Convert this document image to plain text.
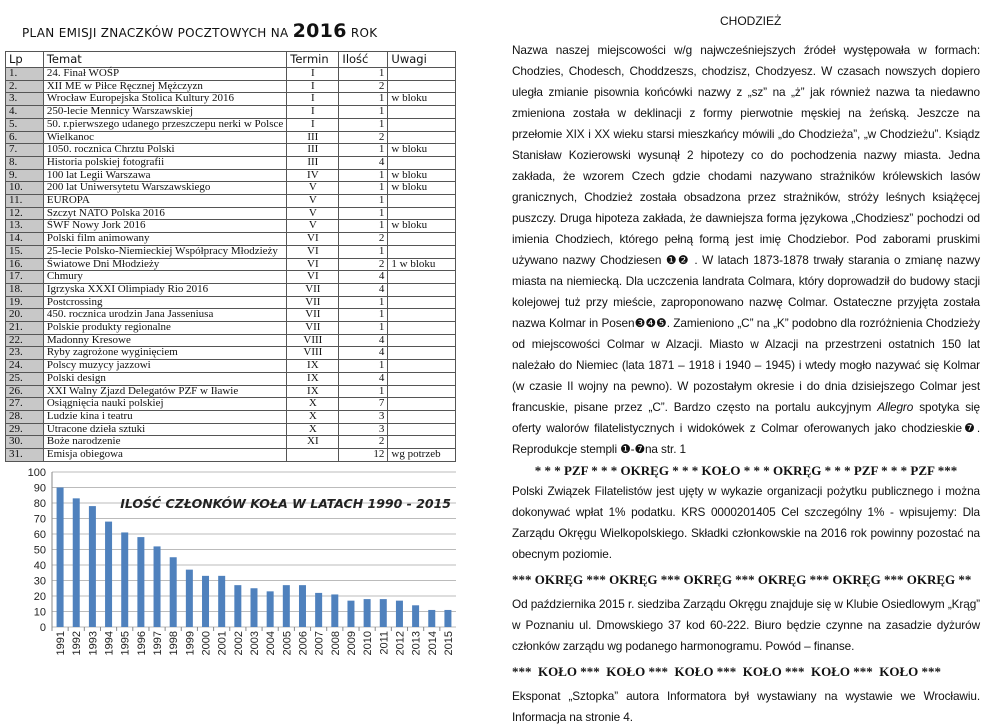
PLAN EMISJI ZNACZKÓW POCZTOWYCH NA 2016 ROK
Lp	Temat	Termin	Ilość	Uwagi
1.	24. Finał WOŚP	I	1	
2.	XII ME w Piłce Ręcznej Mężczyzn	I	2	
3.	Wrocław Europejska Stolica Kultury 2016	I	1	w bloku
4.	250-lecie Mennicy Warszawskiej	I	1	
5.	50. r.pierwszego udanego przeszczepu nerki w Polsce	I	1	
6.	Wielkanoc	III	2	
7.	1050. rocznica Chrztu Polski	III	1	w bloku
8.	Historia polskiej fotografii	III	4	
9.	100 lat Legii Warszawa	IV	1	w bloku
10.	200 lat Uniwersytetu Warszawskiego	V	1	w bloku
11.	EUROPA	V	1	
12.	Szczyt NATO Polska 2016	V	1	
13.	ŚWF Nowy Jork 2016	V	1	w bloku
14.	Polski film animowany	VI	2	
15.	25-lecie Polsko-Niemieckiej Współpracy Młodzieży	VI	1	
16.	Światowe Dni Młodzieży	VI	2	1 w bloku
17.	Chmury	VI	4	
18.	Igrzyska XXXI Olimpiady Rio 2016	VII	4	
19.	Postcrossing	VII	1	
20.	450. rocznica urodzin Jana Jasseniusa	VII	1	
21.	Polskie produkty regionalne	VII	1	
22.	Madonny Kresowe	VIII	4	
23.	Ryby zagrożone wyginięciem	VIII	4	
24.	Polscy muzycy jazzowi	IX	1	
25.	Polski design	IX	4	
26.	XXI Walny Zjazd Delegatów PZF w Iławie	IX	1	
27.	Osiągnięcia nauki polskiej	X	7	
28.	Ludzie kina i teatru	X	3	
29.	Utracone dzieła sztuki	X	3	
30.	Boże narodzenie	XI	2	
31.	Emisja obiegowa		12	wg potrzeb
0
10
20
30
40
50
60
70
80
90
100
1991 1992 1993 1994 1995 1996 1997 1998 1999 2000 2001 2002 2003 2004 2005 2006 2007 2008 2009 2010 2011 2012 2013 2014 2015
ILOŚĆ CZŁONKÓW KOŁA W LATACH 1990 - 2015
CHODZIEŻ

Nazwa naszej miejscowości w/g najwcześniejszych źródeł występowała w formach: Chodzies, Chodesch, Choddzeszs, chodzisz, Chodzyesz. W czasach nowszych dopiero uległa zmianie pisownia końcówki nazwy z „sz” na „ż” jak również nazwa ta niedawno zmieniona została w deklinacji z formy pierwotnie męskiej na żeńską. Jeszcze na przełomie XIX i XX wieku starsi mieszkańcy mówili „do Chodzieża”, „w Chodzieżu”. Ksiądz Stanisław Kozierowski wysunął 2 hipotezy co do pochodzenia nazwy miasta. Jedna zakłada, że wzorem Czech gdzie chodami nazywano strażników królewskich lasów granicznych, Chodzież została obsadzona przez strażników, stróży leśnych książęcej puszczy. Druga hipoteza zakłada, że dawniejsza forma językowa „Chodziesz” pochodzi od imienia Chodziech, którego pełną formą jest imię Chodziebor. Pod zaborami pruskimi używano nazwy Chodziesen ❶❷ . W latach 1873-1878 trwały starania o zmianę nazwy miasta na niemiecką. Dla uczczenia landrata Colmara, który doprowadził do budowy stacji kolejowej tuż przy mieście, zaproponowano nazwę Colmar. Ostateczne przyjęta została nazwa Kolmar in Posen❸❹❺. Zamieniono „C” na „K” podobno dla rozróżnienia Chodzieży od miejscowości Colmar w Alzacji. Miasto w Alzacji na przestrzeni ostatnich 150 lat należało do Niemiec (lata 1871 – 1918 i 1940 – 1945) i wtedy mogło nazywać się Kolmar (w czasie II wojny na pewno). W pozostałym okresie i do dnia dzisiejszego Colmar jest francuskie, pisane przez „C”. Bardzo często na portalu aukcyjnym Allegro spotyka się oferty walorów filatelistycznych i widokówek z Colmar oferowanych jako chodzieskie❼. Reprodukcje stempli ❶-❼na str. 1

* * * PZF * * * OKRĘG * * * KOŁO * * * OKRĘG * * * PZF * * * PZF ***

Polski Związek Filatelistów jest ujęty w wykazie organizacji pożytku publicznego i można dokonywać wpłat 1% podatku. KRS 0000201405 Cel szczególny 1% - wpisujemy: Dla Zarządu Okręgu Wielkopolskiego. Składki członkowskie na 2016 rok powinny pozostać na obecnym poziomie.

*** OKRĘG *** OKRĘG *** OKRĘG *** OKRĘG *** OKRĘG *** OKRĘG **

Od października 2015 r. siedziba Zarządu Okręgu znajduje się w Klubie Osiedlowym „Krąg” w Poznaniu ul. Dmowskiego 37 kod 60-222. Biuro będzie czynne na zasadzie dyżurów członków zarządu wg podanego harmonogramu. Powód – finanse.

***  KOŁO ***  KOŁO ***  KOŁO ***  KOŁO ***  KOŁO ***  KOŁO ***

Eksponat „Sztopka” autora Informatora był wystawiany na wystawie we Wrocławiu. Informacja na stronie 4.
